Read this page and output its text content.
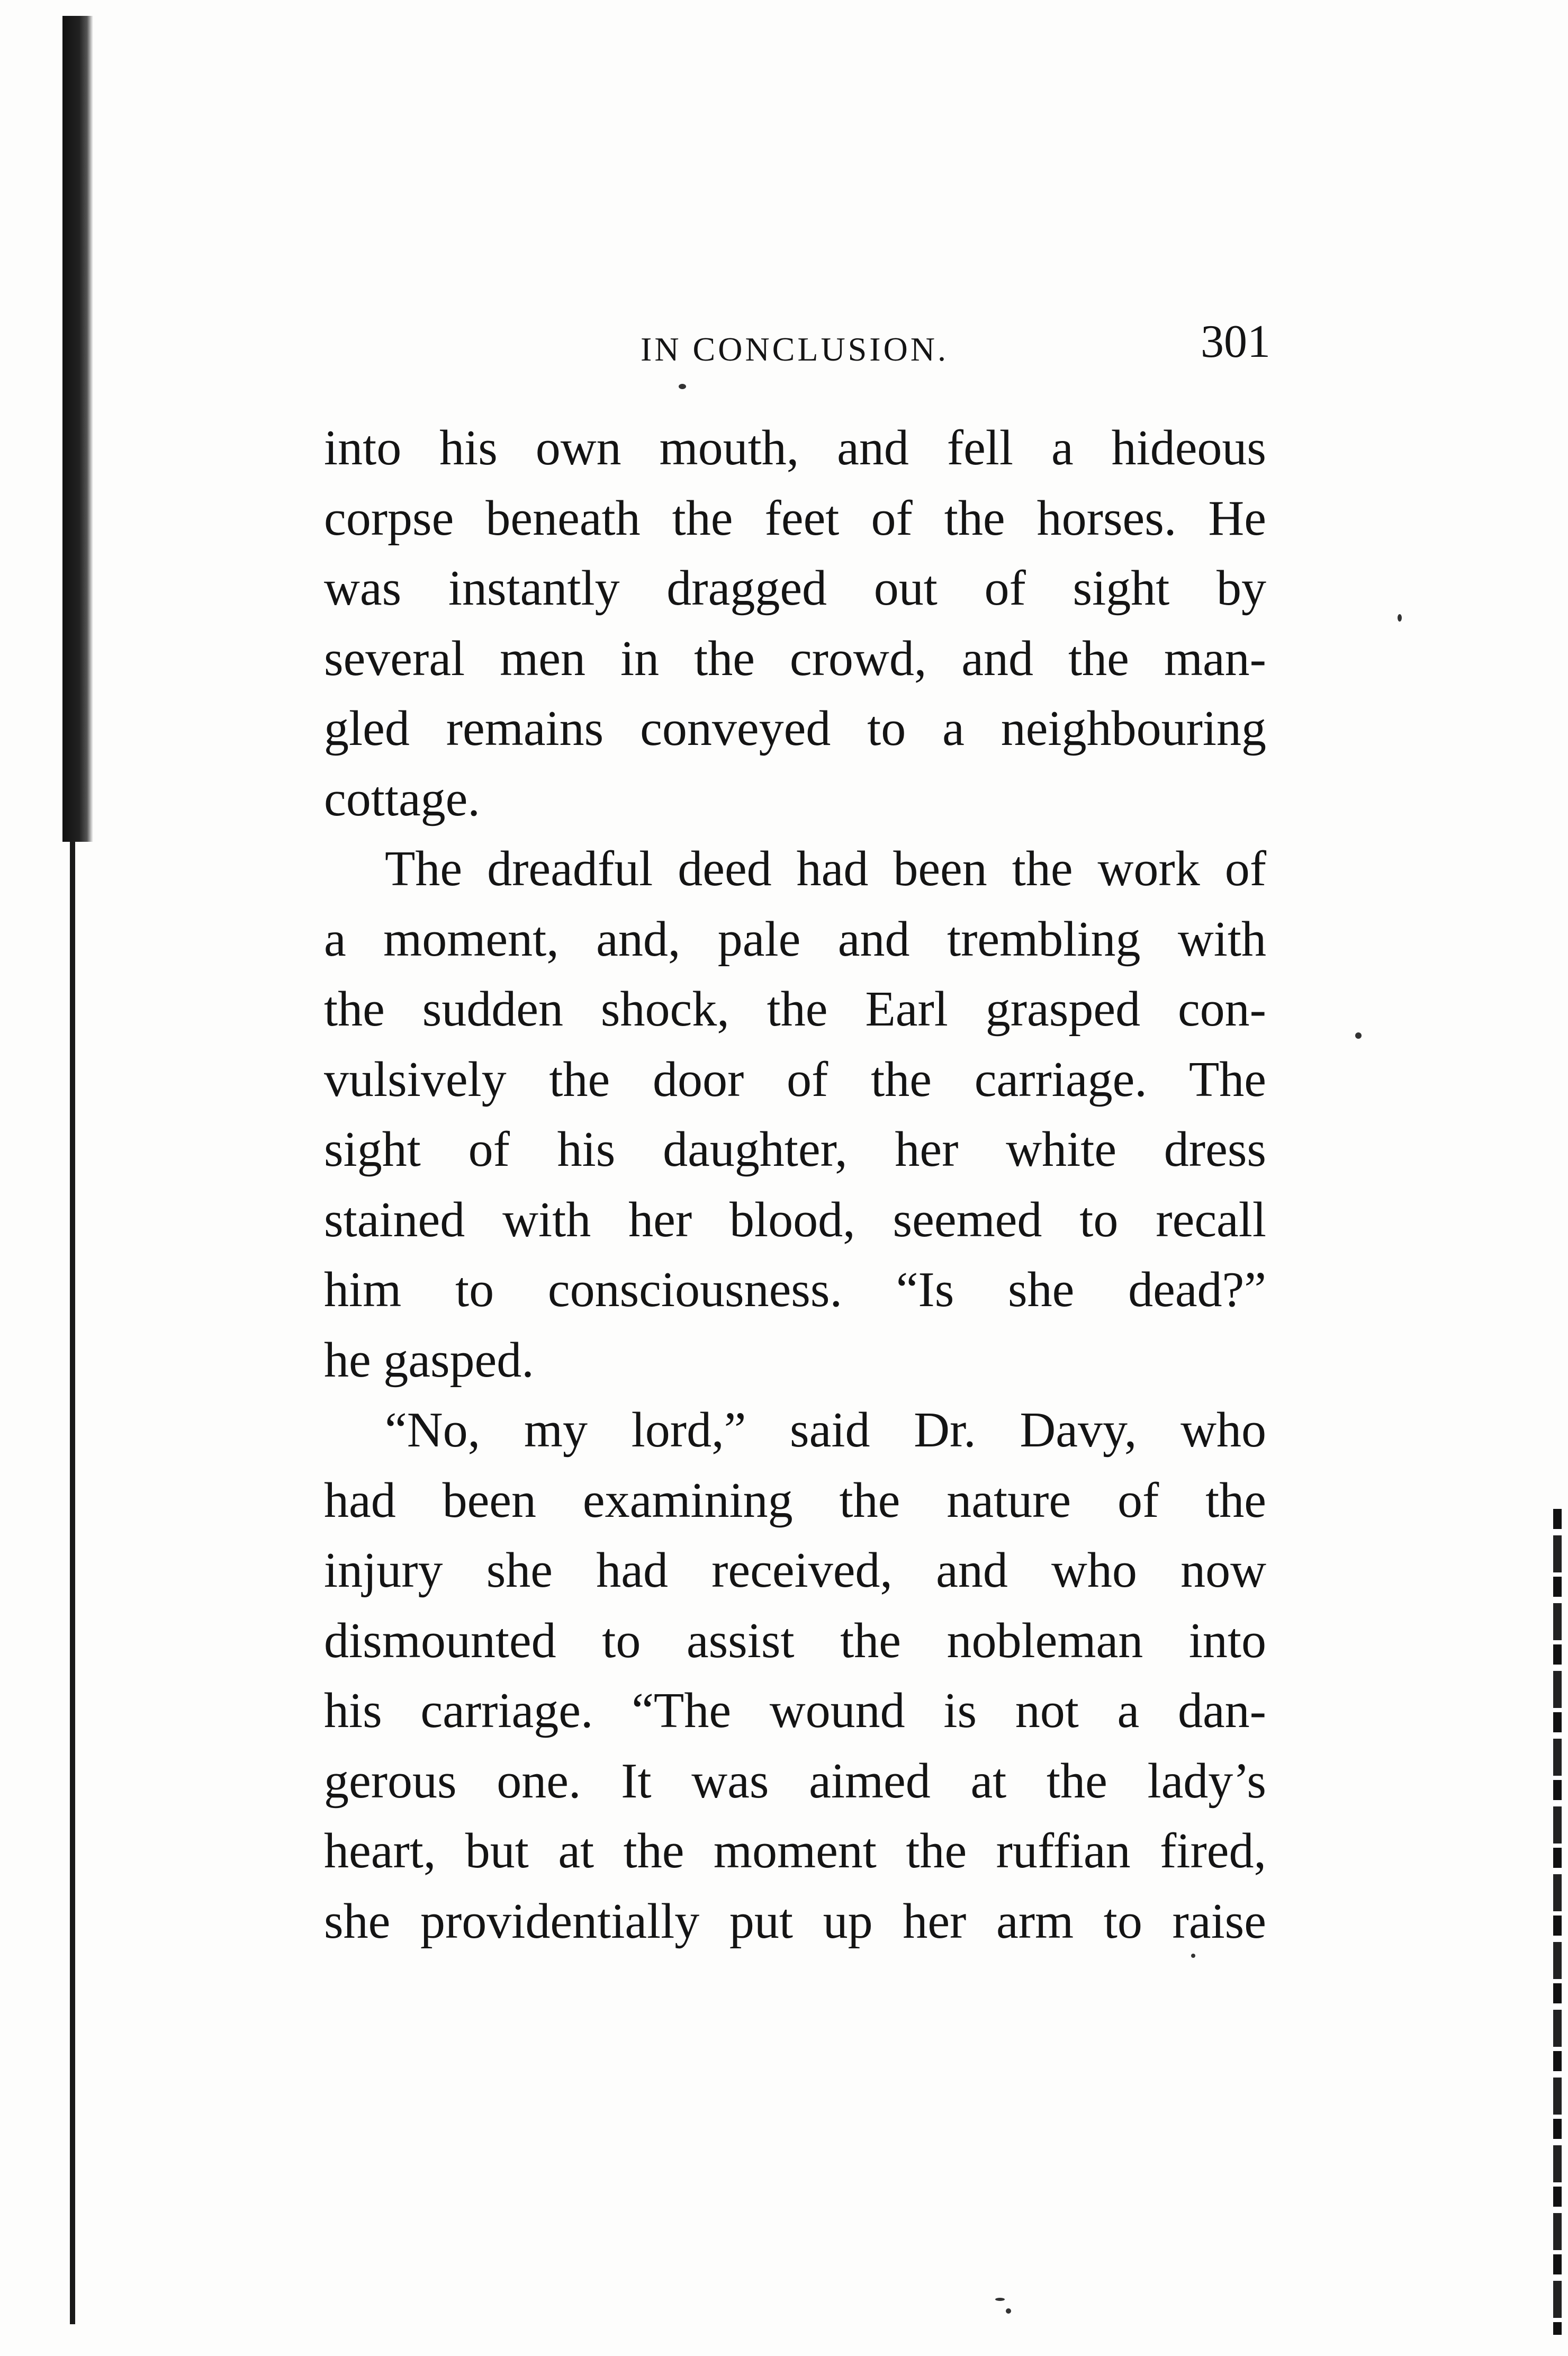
IN CONCLUSION.	301
into his own mouth, and fell a hideous
corpse beneath the feet of the horses. He
was instantly dragged out of sight by
several men in the crowd, and the man-
gled remains conveyed to a neighbouring
cottage.
The dreadful deed had been the work of
a moment, and, pale and trembling with
the sudden shock, the Earl grasped con-
vulsively the door of the carriage. The
sight of his daughter, her white dress
stained with her blood, seemed to recall
him to consciousness. “Is she dead?”
he gasped.
“No, my lord,” said Dr. Davy, who
had been examining the nature of the
injury she had received, and who now
dismounted to assist the nobleman into
his carriage. “The wound is not a dan-
gerous one. It was aimed at the lady’s
heart, but at the moment the ruffian fired,
she providentially put up her arm to raise
